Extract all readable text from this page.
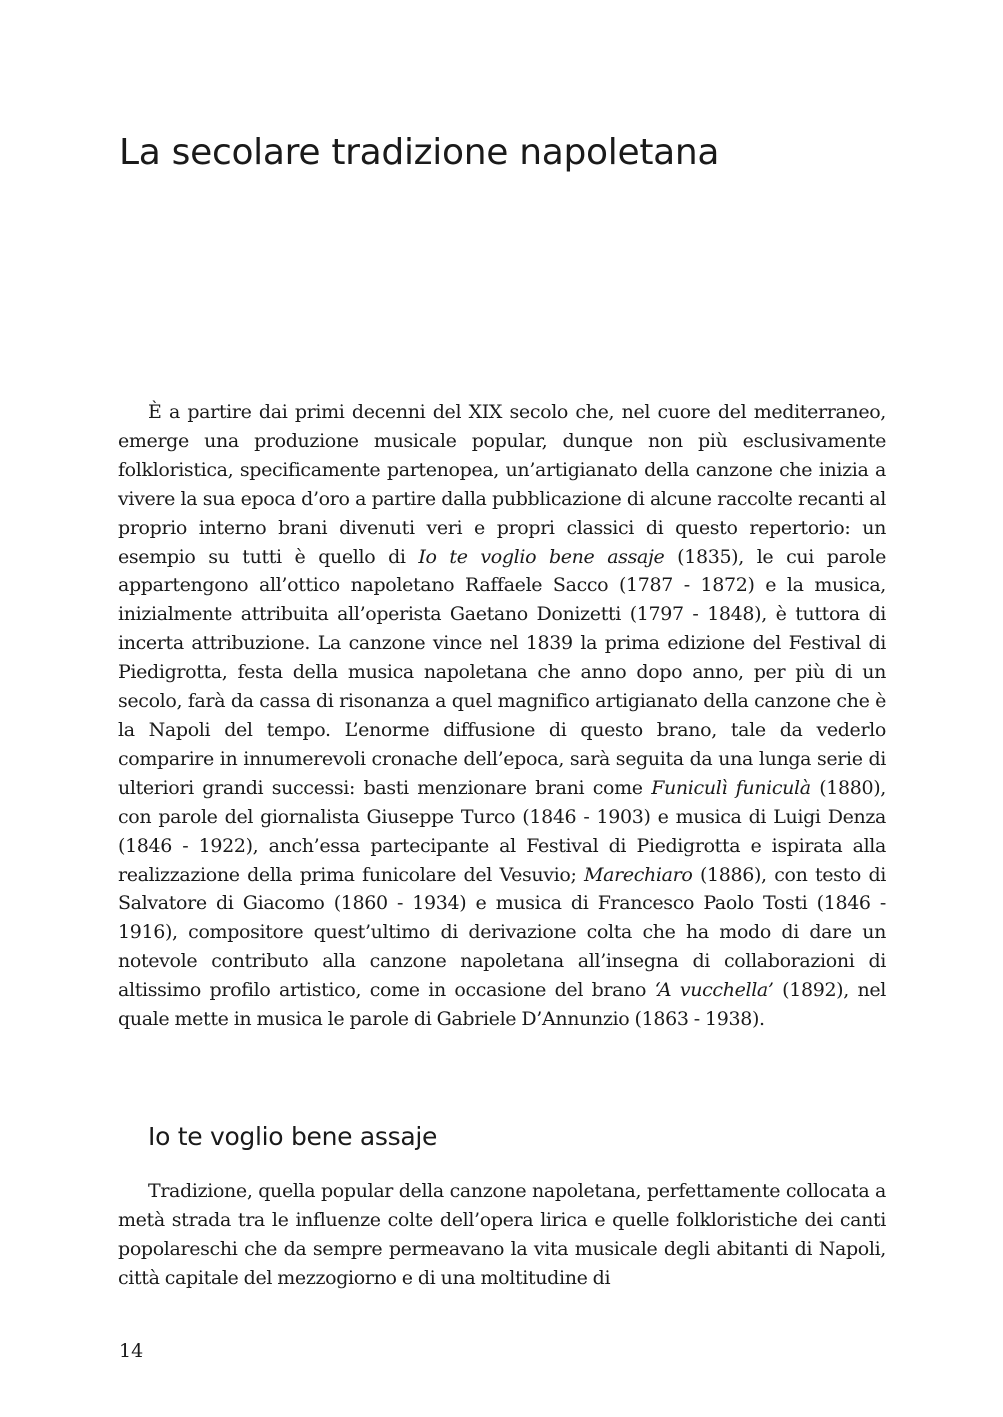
La secolare tradizione napoletana

È a partire dai primi decenni del XIX secolo che, nel cuore del mediterraneo, emerge una produzione musicale popular, dunque non più esclusivamente folkloristica, specificamente partenopea, un’artigianato della canzone che inizia a vivere la sua epoca d’oro a partire dalla pubblicazione di alcune raccolte recanti al proprio interno brani divenuti veri e propri classici di questo repertorio: un esempio su tutti è quello di Io te voglio bene assaje (1835), le cui parole appartengono all’ottico napoletano Raffaele Sacco (1787 - 1872) e la musica, inizialmente attribuita all’operista Gaetano Donizetti (1797 - 1848), è tuttora di incerta attribuzione. La canzone vince nel 1839 la prima edizione del Festival di Piedigrotta, festa della musica napoletana che anno dopo anno, per più di un secolo, farà da cassa di risonanza a quel magnifico artigianato della canzone che è la Napoli del tempo. L’enorme diffusione di questo brano, tale da vederlo comparire in innumerevoli cronache dell’epoca, sarà seguita da una lunga serie di ulteriori grandi successi: basti menzionare brani come Funiculì funiculà (1880), con parole del giornalista Giuseppe Turco (1846 - 1903) e musica di Luigi Denza (1846 - 1922), anch’essa partecipante al Festival di Piedigrotta e ispirata alla realizzazione della prima funicolare del Vesuvio; Marechiaro (1886), con testo di Salvatore di Giacomo (1860 - 1934) e musica di Francesco Paolo Tosti (1846 - 1916), compositore quest’ultimo di derivazione colta che ha modo di dare un notevole contributo alla canzone napoletana all’insegna di collaborazioni di altissimo profilo artistico, come in occasione del brano ‘A vucchella’ (1892), nel quale mette in musica le parole di Gabriele D’Annunzio (1863 - 1938).

Io te voglio bene assaje

Tradizione, quella popular della canzone napoletana, perfettamente collocata a metà strada tra le influenze colte dell’opera lirica e quelle folkloristiche dei canti popolareschi che da sempre permeavano la vita musicale degli abitanti di Napoli, città capitale del mezzogiorno e di una moltitudine di

14
